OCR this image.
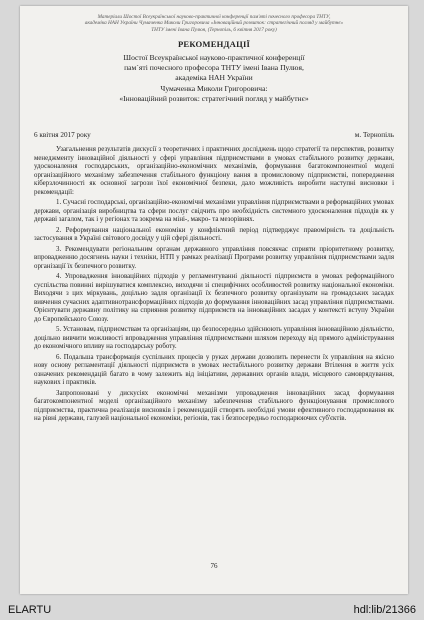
Матеріали Шостої Всеукраїнської науково-практичної конференції пам'яті почесного професора ТНТУ,
академіка НАН України Чумаченка Миколи Григоровича «Інноваційний розвиток: стратегічний погляд у майбутнє»
ТНТУ імені Івана Пулюя, (Тернопіль, 6 квітня 2017 року)
РЕКОМЕНДАЦІЇ
Шостої Всеукраїнської науково-практичної конференції
пам`яті почесного професора ТНТУ імені Івана Пулюя,
академіка НАН України
Чумаченка Миколи Григоровича:
«Інноваційний розвиток: стратегічний погляд у майбутнє»
6 квітня 2017 року	м. Тернопіль

Узагальнення результатів дискусії з теоретичних і практичних досліджень щодо стратегії та перспектив, розвитку менеджменту інноваційної діяльності у сфері управління підприємствами в умовах стабільного розвитку держави, удосконалення господарських, організаційно-економічних механізмів, формування багатокомпонентної моделі організаційного механізму забезпечення стабільного функціону вання в промисловому підприємстві, попередження кіберзлочинності як основної загрози їхої економічної безпеки, дало можливість виробити наступні висновки і рекомендації:

1. Сучасні господарські, організаційно-економічні механізми управління підприємствами в реформаційних умовах держави, організація виробництва та сфери послуг свідчить про необхідність системного удосконалення підходів як у державі загалом, так і у регіонах та зокрема на міні-, макро- та мезорівнях.

2. Реформування національної економіки у конфліктний період підтверджує правомірність та доцільність застосування в Україні світового досвіду у цій сфері діяльності.

3. Рекомендувати регіональним органам державного управління повсякчас сприяти пріоритетному розвитку, впровадженню досягнень науки і техніки, НТП у рамках реалізації Програми розвитку управління підприємствами задля організації їх безпечного розвитку.

4. Упровадження інноваційних підходів у регламентуванні діяльності підприємств в умовах реформаційного суспільства повинні вирішуватися комплексно, виходячи зі специфічних особливостей розвитку національної економіки. Виходячи з цих міркувань, доцільно задля організації їх безпечного розвитку організувати на громадських засадах вивчення сучасних адаптивнотрансформаційних підходів до формування інноваційних засад управління підприємствами. Орієнтувати державну політику на сприяння розвитку підприємств на інноваційних засадах у контексті вступу України до Європейського Союзу.

5. Установам, підприємствам та організаціям, що безпосередньо здійснюють управління інноваційною діяльністю, доцільно вивчити можливості впровадження управління підприємствами шляхом переходу від прямого адміністрування до економічного впливу на господарську роботу.

6. Подальша трансформація суспільних процесів у руках держави дозволить перенести їх управління на якісно нову основу регламентації діяльності підприємств в умовах нестабільного розвитку держави Втілення в життя усіх означених рекомендацій багато в чому залежить від ініціативи, державних органів влади, місцевого самоврядування, наукових і практиків.

Запропоновані у дискусіях економічні механізми упровадження інноваційних засад формування багатокомпонентної моделі організаційного механізму забезпечення стабільного функціонування промислового підприємства, практична реалізація висновків і рекомендацій створять необхідні умови ефективного господарювання як на рівні держави, галузей національної економіки, регіонів, так і безпосередньо господарюючих суб'єктів.

76
ELARTU	hdl:lib/21366
